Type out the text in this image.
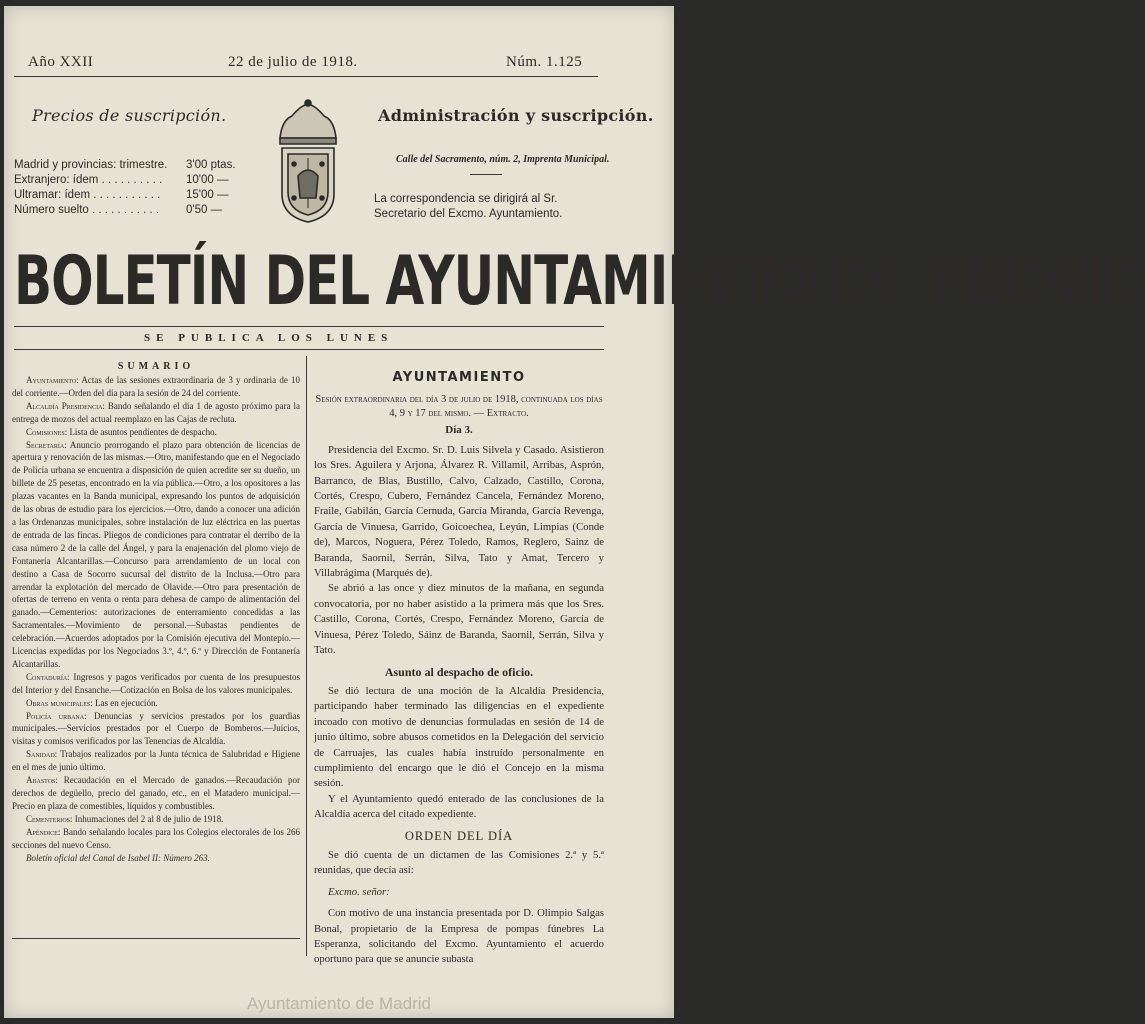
Año XXII	22 de julio de 1918.	Núm. 1.125
Precios de suscripción.
Madrid y provincias: trimestre. 3'00 ptas.
Extranjero: ídem . . . . . . . . . . 10'00 —
Ultramar: ídem . . . . . . . . . . . 15'00 —
Número suelto . . . . . . . . . . . 0'50 —
Administración y suscripción.
Calle del Sacramento, núm. 2, Imprenta Municipal.
La correspondencia se dirigirá al Sr. Secretario del Excmo. Ayuntamiento.
BOLETÍN DEL AYUNTAMIENTO DE MADRID
SE PUBLICA LOS LUNES
SUMARIO

Ayuntamiento: Actas de las sesiones extraordinaria de 3 y ordinaria de 10 del corriente.—Orden del día para la sesión de 24 del corriente.

Alcaldía Presidencia: Bando señalando el día 1 de agosto próximo para la entrega de mozos del actual reemplazo en las Cajas de recluta.

Comisiones: Lista de asuntos pendientes de despacho.

Secretaría: Anuncio prorrogando el plazo para obtención de licencias de apertura y renovación de las mismas.—Otro, manifestando que en el Negociado de Policía urbana se encuentra a disposición de quien acredite ser su dueño, un billete de 25 pesetas, encontrado en la vía pública.—Otro, a los opositores a las plazas vacantes en la Banda municipal, expresando los puntos de adquisición de las obras de estudio para los ejercicios.—Otro, dando a conocer una adición a las Ordenanzas municipales, sobre instalación de luz eléctrica en las puertas de entrada de las fincas. Pliegos de condiciones para contratar el derribo de la casa número 2 de la calle del Ángel, y para la enajenación del plomo viejo de Fontanería Alcantarillas.—Concurso para arrendamiento de un local con destino a Casa de Socorro sucursal del distrito de la Inclusa.—Otro para arrendar la explotación del mercado de Olavide.—Otro para presentación de ofertas de terreno en venta o renta para dehesa de campo de alimentación del ganado.—Cementerios: autorizaciones de enterramiento concedidas a las Sacramentales.—Movimiento de personal.—Subastas pendientes de celebración.—Acuerdos adoptados por la Comisión ejecutiva del Montepío.—Licencias expedidas por los Negociados 3.º, 4.º, 6.º y Dirección de Fontanería Alcantarillas.

Contaduría: Ingresos y pagos verificados por cuenta de los presupuestos del Interior y del Ensanche.—Cotización en Bolsa de los valores municipales.

Obras municipales: Las en ejecución.

Policía urbana: Denuncias y servicios prestados por los guardias municipales.—Servicios prestados por el Cuerpo de Bomberos.—Juicios, visitas y comisos verificados por las Tenencias de Alcaldía.

Sanidad: Trabajos realizados por la Junta técnica de Salubridad e Higiene en el mes de junio último.

Abastos: Recaudación en el Mercado de ganados.—Recaudación por derechos de degüello, precio del ganado, etc., en el Matadero municipal.—Precio en plaza de comestibles, líquidos y combustibles.

Cementerios: Inhumaciones del 2 al 8 de julio de 1918.

Apéndice: Bando señalando locales para los Colegios electorales de los 266 secciones del nuevo Censo.

Boletín oficial del Canal de Isabel II: Número 263.

AYUNTAMIENTO
Sesión extraordinaria del día 3 de julio de 1918, continuada los días 4, 9 y 17 del mismo. — Extracto.
Día 3.

Presidencia del Excmo. Sr. D. Luis Silvela y Casado. Asistieron los Sres. Aguilera y Arjona, Álvarez R. Villamil, Arribas, Asprón, Barranco, de Blas, Bustillo, Calvo, Calzado, Castillo, Corona, Cortés, Crespo, Cubero, Fernández Cancela, Fernández Moreno, Fraile, Gabilán, García Cernuda, García Miranda, García Revenga, García de Vinuesa, Garrido, Goicoechea, Leyún, Limpias (Conde de), Marcos, Noguera, Pérez Toledo, Ramos, Reglero, Sainz de Baranda, Saornil, Serrán, Silva, Tato y Amat, Tercero y Villabrágima (Marqués de).

Se abrió a las once y diez minutos de la mañana, en segunda convocatoria, por no haber asistido a la primera más que los Sres. Castillo, Corona, Cortés, Crespo, Fernández Moreno, García de Vinuesa, Pérez Toledo, Sáinz de Baranda, Saornil, Serrán, Silva y Tato.

Asunto al despacho de oficio.

Se dió lectura de una moción de la Alcaldía Presidencia, participando haber terminado las diligencias en el expediente incoado con motivo de denuncias formuladas en sesión de 14 de junio último, sobre abusos cometidos en la Delegación del servicio de Carruajes, las cuales había instruído personalmente en cumplimiento del encargo que le dió el Concejo en la misma sesión.

Y el Ayuntamiento quedó enterado de las conclusiones de la Alcaldía acerca del citado expediente.

ORDEN DEL DÍA

Se dió cuenta de un dictamen de las Comisiones 2.ª y 5.ª reunidas, que decía así:

Excmo. señor:

Con motivo de una instancia presentada por D. Olimpio Salgas Bonal, propietario de la Empresa de pompas fúnebres La Esperanza, solicitando del Excmo. Ayuntamiento el acuerdo oportuno para que se anuncie subasta

Ayuntamiento de Madrid
